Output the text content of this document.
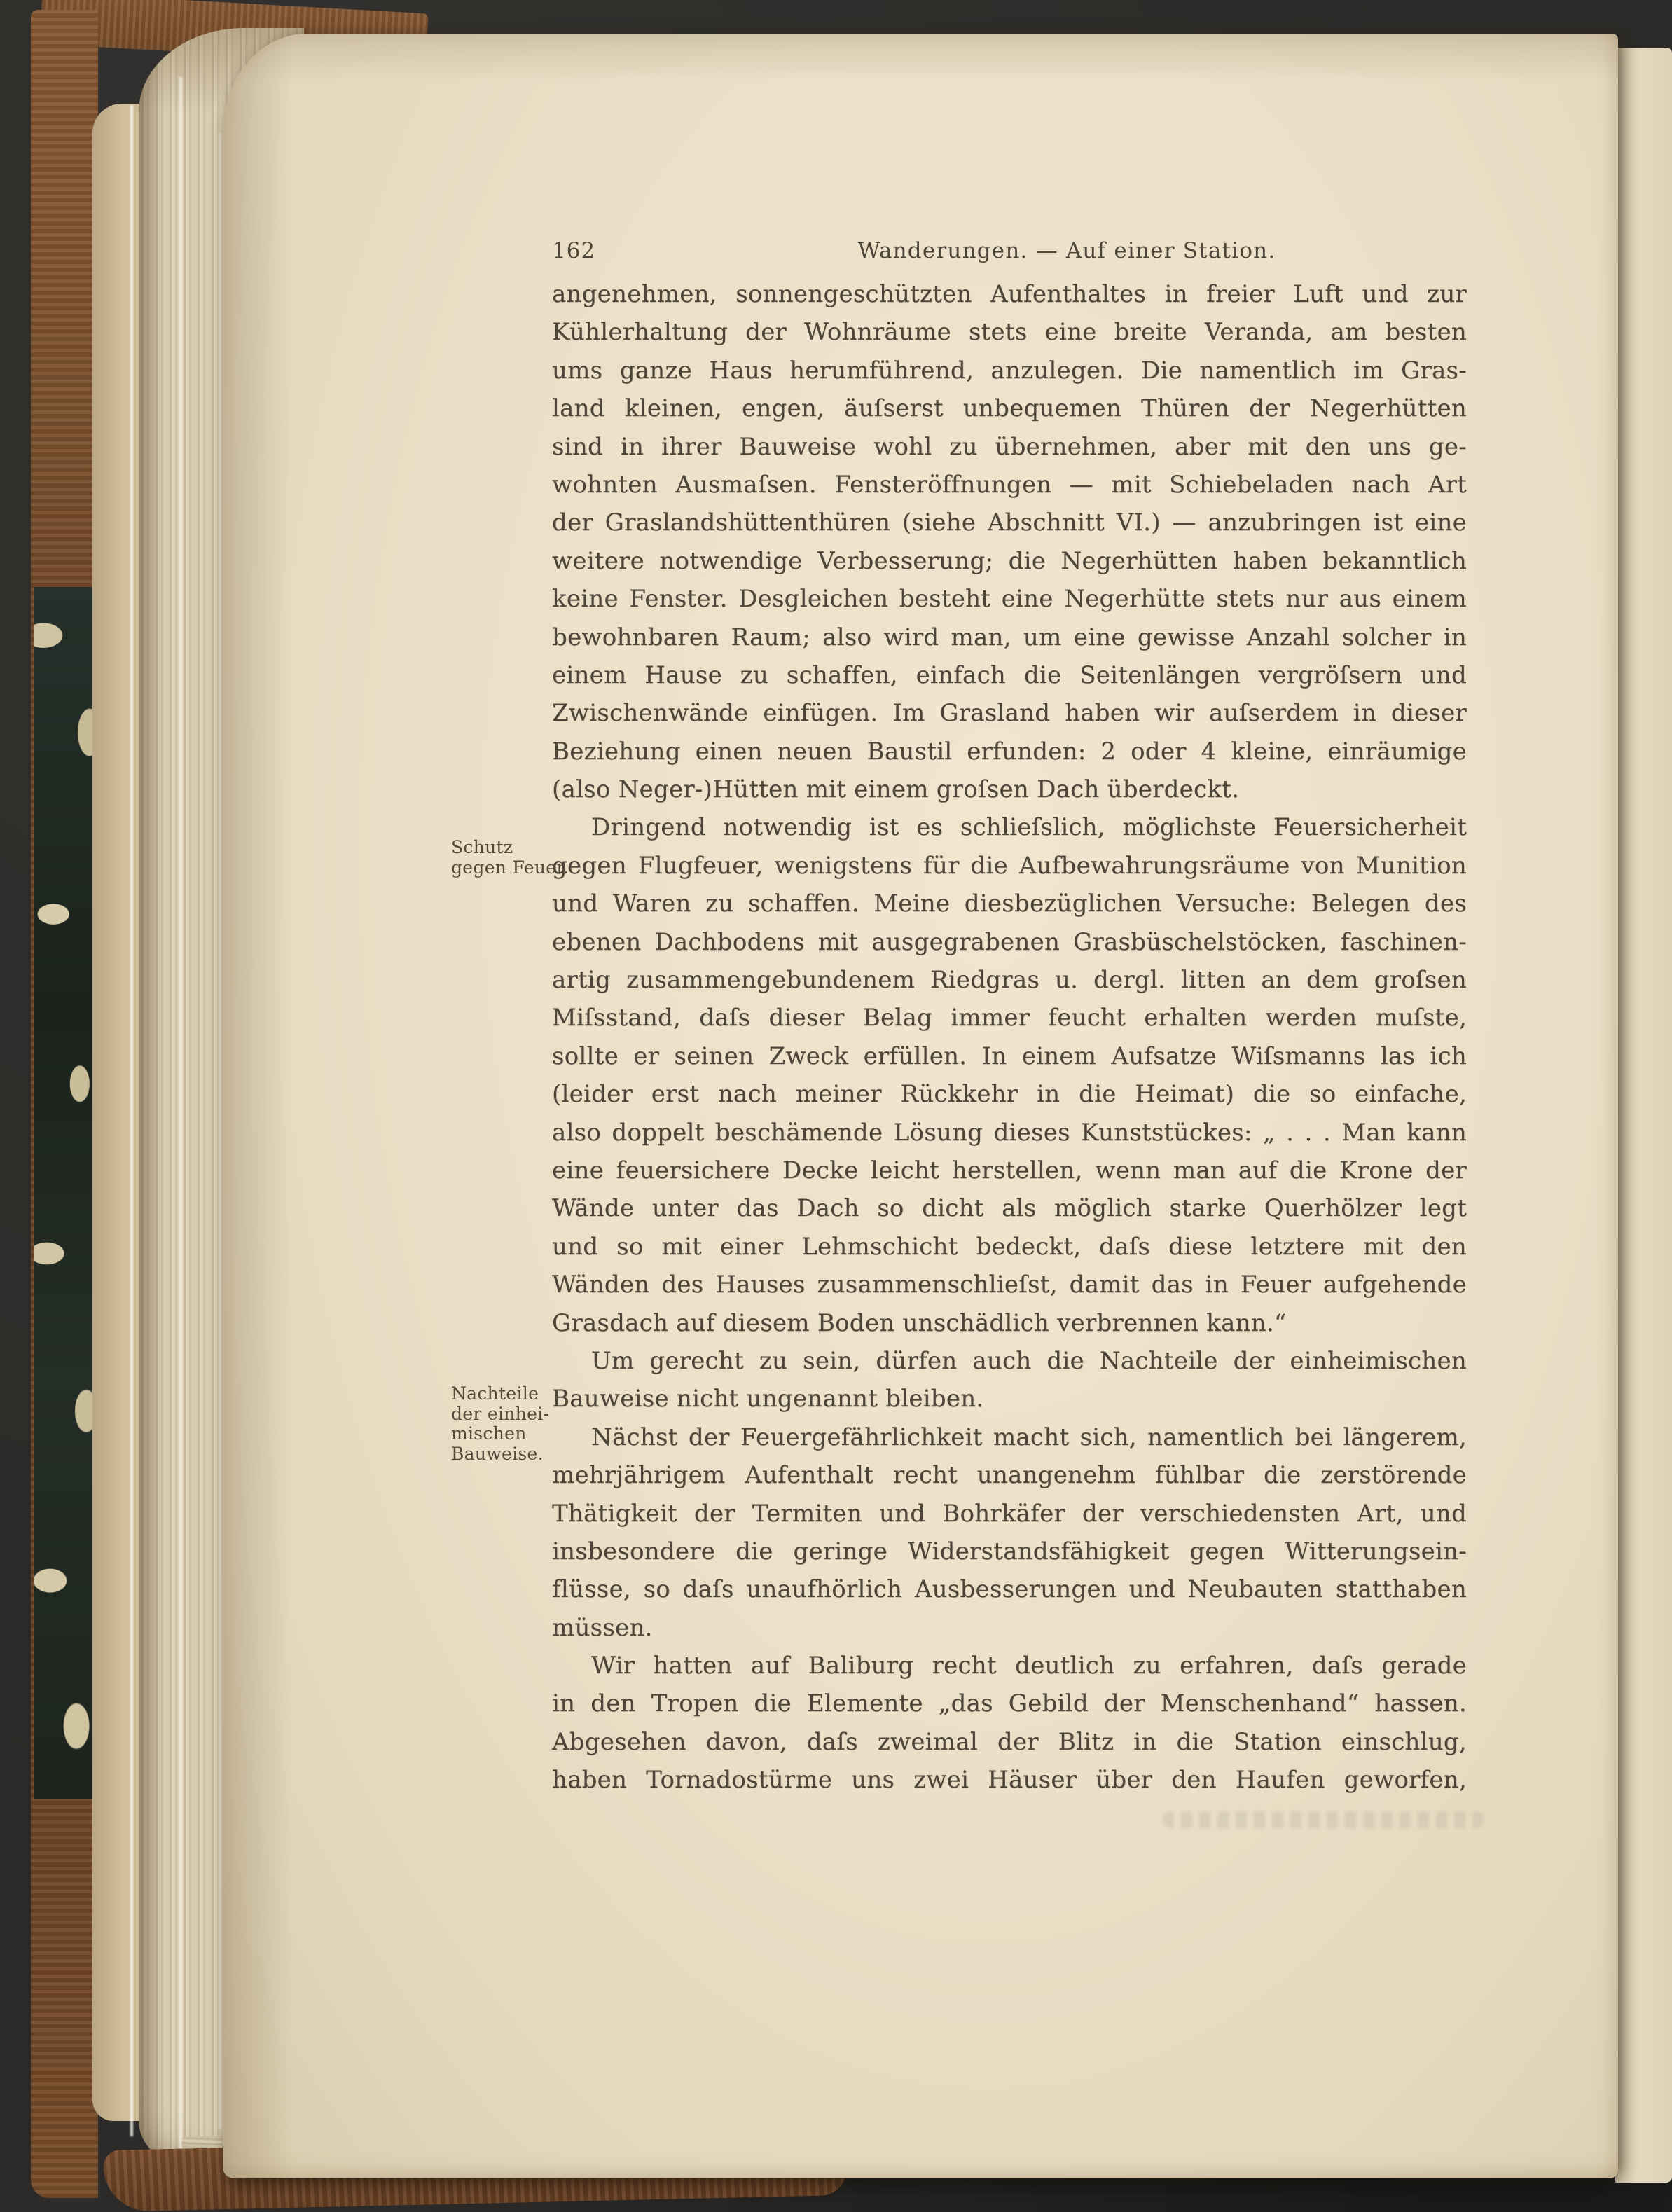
162	Wanderungen. — Auf einer Station.
Schutz
gegen Feuer.
Nachteile
der einhei-
mischen
Bauweise.
angenehmen, sonnengeschützten Aufenthaltes in freier Luft und zur
Kühlerhaltung der Wohnräume stets eine breite Veranda, am besten
ums ganze Haus herumführend, anzulegen. Die namentlich im Gras-
land kleinen, engen, äuſserst unbequemen Thüren der Negerhütten
sind in ihrer Bauweise wohl zu übernehmen, aber mit den uns ge-
wohnten Ausmaſsen. Fensteröffnungen — mit Schiebeladen nach Art
der Graslandshüttenthüren (siehe Abschnitt VI.) — anzubringen ist eine
weitere notwendige Verbesserung; die Negerhütten haben bekanntlich
keine Fenster. Desgleichen besteht eine Negerhütte stets nur aus einem
bewohnbaren Raum; also wird man, um eine gewisse Anzahl solcher in
einem Hause zu schaffen, einfach die Seitenlängen vergröſsern und
Zwischenwände einfügen. Im Grasland haben wir auſserdem in dieser
Beziehung einen neuen Baustil erfunden: 2 oder 4 kleine, einräumige
(also Neger-)Hütten mit einem groſsen Dach überdeckt.
Dringend notwendig ist es schlieſslich, möglichste Feuersicherheit
gegen Flugfeuer, wenigstens für die Aufbewahrungsräume von Munition
und Waren zu schaffen. Meine diesbezüglichen Versuche: Belegen des
ebenen Dachbodens mit ausgegrabenen Grasbüschelstöcken, faschinen-
artig zusammengebundenem Riedgras u. dergl. litten an dem groſsen
Miſsstand, daſs dieser Belag immer feucht erhalten werden muſste,
sollte er seinen Zweck erfüllen. In einem Aufsatze Wiſsmanns las ich
(leider erst nach meiner Rückkehr in die Heimat) die so einfache,
also doppelt beschämende Lösung dieses Kunststückes: „ . . . Man kann
eine feuersichere Decke leicht herstellen, wenn man auf die Krone der
Wände unter das Dach so dicht als möglich starke Querhölzer legt
und so mit einer Lehmschicht bedeckt, daſs diese letztere mit den
Wänden des Hauses zusammenschlieſst, damit das in Feuer aufgehende
Grasdach auf diesem Boden unschädlich verbrennen kann.“
Um gerecht zu sein, dürfen auch die Nachteile der einheimischen
Bauweise nicht ungenannt bleiben.
Nächst der Feuergefährlichkeit macht sich, namentlich bei längerem,
mehrjährigem Aufenthalt recht unangenehm fühlbar die zerstörende
Thätigkeit der Termiten und Bohrkäfer der verschiedensten Art, und
insbesondere die geringe Widerstandsfähigkeit gegen Witterungsein-
flüsse, so daſs unaufhörlich Ausbesserungen und Neubauten statthaben
müssen.
Wir hatten auf Baliburg recht deutlich zu erfahren, daſs gerade
in den Tropen die Elemente „das Gebild der Menschenhand“ hassen.
Abgesehen davon, daſs zweimal der Blitz in die Station einschlug,
haben Tornadostürme uns zwei Häuser über den Haufen geworfen,
